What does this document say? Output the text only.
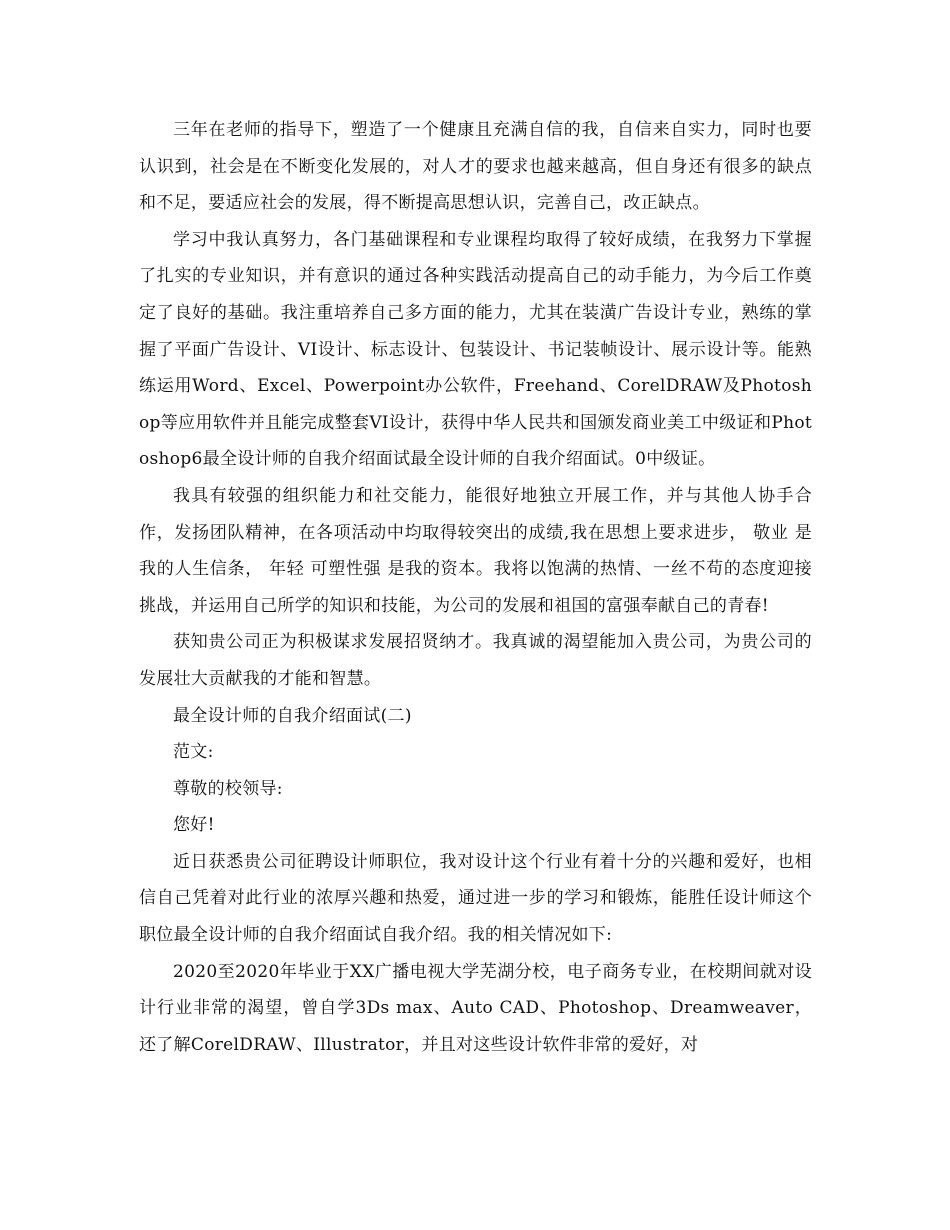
三年在老师的指导下，塑造了一个健康且充满自信的我，自信来自实力，同时也要认识到，社会是在不断变化发展的，对人才的要求也越来越高，但自身还有很多的缺点和不足，要适应社会的发展，得不断提高思想认识，完善自己，改正缺点。

学习中我认真努力，各门基础课程和专业课程均取得了较好成绩，在我努力下掌握了扎实的专业知识，并有意识的通过各种实践活动提高自己的动手能力，为今后工作奠定了良好的基础。我注重培养自己多方面的能力，尤其在装潢广告设计专业，熟练的掌握了平面广告设计、VI设计、标志设计、包装设计、书记装帧设计、展示设计等。能熟练运用Word、Excel、Powerpoint办公软件，Freehand、CorelDRAW及Photoshop等应用软件并且能完成整套VI设计，获得中华人民共和国颁发商业美工中级证和Photoshop6最全设计师的自我介绍面试最全设计师的自我介绍面试。0中级证。

我具有较强的组织能力和社交能力，能很好地独立开展工作，并与其他人协手合作，发扬团队精神，在各项活动中均取得较突出的成绩,我在思想上要求进步， 敬业 是我的人生信条， 年轻 可塑性强 是我的资本。我将以饱满的热情、一丝不苟的态度迎接挑战，并运用自己所学的知识和技能，为公司的发展和祖国的富强奉献自己的青春!

获知贵公司正为积极谋求发展招贤纳才。我真诚的渴望能加入贵公司，为贵公司的发展壮大贡献我的才能和智慧。

最全设计师的自我介绍面试(二)

范文:

尊敬的校领导:

您好!

近日获悉贵公司征聘设计师职位，我对设计这个行业有着十分的兴趣和爱好，也相信自己凭着对此行业的浓厚兴趣和热爱，通过进一步的学习和锻炼，能胜任设计师这个职位最全设计师的自我介绍面试自我介绍。我的相关情况如下:

2020至2020年毕业于XX广播电视大学芜湖分校，电子商务专业，在校期间就对设计行业非常的渴望，曾自学3Ds max、Auto CAD、Photoshop、Dreamweaver，还了解CorelDRAW、Illustrator，并且对这些设计软件非常的爱好，对
